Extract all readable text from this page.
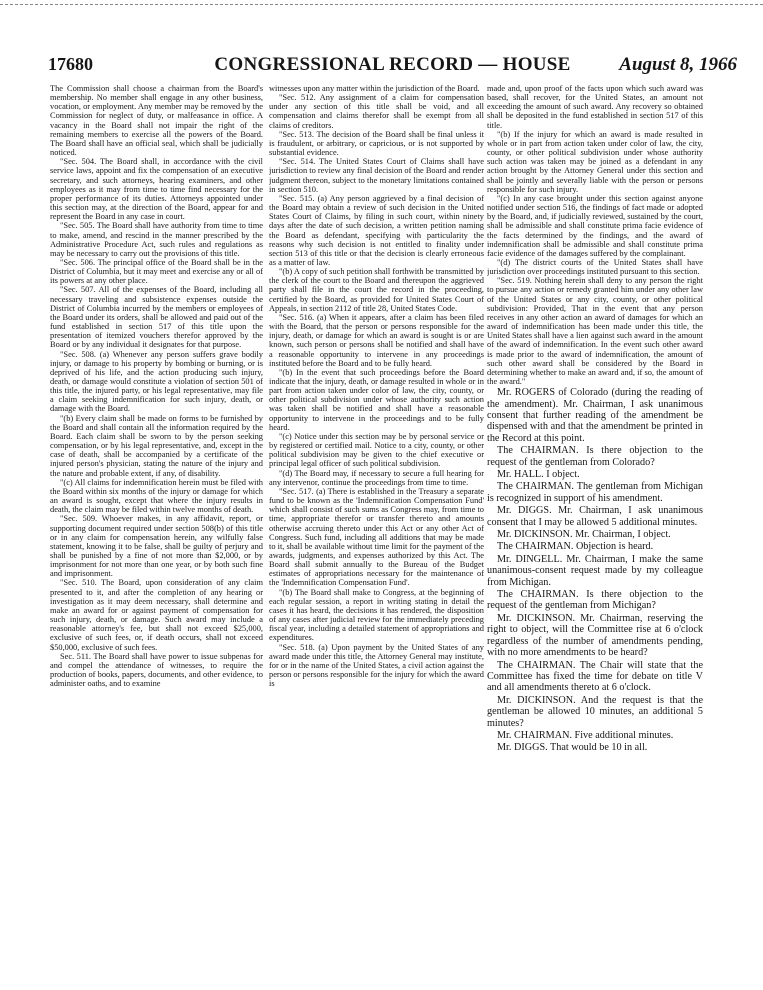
17680	CONGRESSIONAL RECORD — HOUSE	August 8, 1966

The Commission shall choose a chairman from the Board's membership. No member shall engage in any other business, vocation, or employment. Any member may be removed by the Commission for neglect of duty, or malfeasance in office. A vacancy in the Board shall not impair the right of the remaining members to exercise all the powers of the Board. The Board shall have an official seal, which shall be judicially noticed.

"Sec. 504. The Board shall, in accordance with the civil service laws, appoint and fix the compensation of an executive secretary, and such attorneys, hearing examiners, and other employees as it may from time to time find necessary for the proper performance of its duties. Attorneys appointed under this section may, at the direction of the Board, appear for and represent the Board in any case in court.

"Sec. 505. The Board shall have authority from time to time to make, amend, and rescind in the manner prescribed by the Administrative Procedure Act, such rules and regulations as may be necessary to carry out the provisions of this title.

"Sec. 506. The principal office of the Board shall be in the District of Columbia, but it may meet and exercise any or all of its powers at any other place.

"Sec. 507. All of the expenses of the Board, including all necessary traveling and subsistence expenses outside the District of Columbia incurred by the members or employees of the Board under its orders, shall be allowed and paid out of the fund established in section 517 of this title upon the presentation of itemized vouchers therefor approved by the Board or by any individual it designates for that purpose.

"Sec. 508. (a) Whenever any person suffers grave bodily injury, or damage to his property by bombing or burning, or is deprived of his life, and the action producing such injury, death, or damage would constitute a violation of section 501 of this title, the injured party, or his legal representative, may file a claim seeking indemnification for such injury, death, or damage with the Board.

"(b) Every claim shall be made on forms to be furnished by the Board and shall contain all the information required by the Board. Each claim shall be sworn to by the person seeking compensation, or by his legal representative, and, except in the case of death, shall be accompanied by a certificate of the injured person's physician, stating the nature of the injury and the nature and probable extent, if any, of disability.

"(c) All claims for indemnification herein must be filed with the Board within six months of the injury or damage for which an award is sought, except that where the injury results in death, the claim may be filed within twelve months of death.

"Sec. 509. Whoever makes, in any affidavit, report, or supporting document required under section 508(b) of this title or in any claim for compensation herein, any wilfully false statement, knowing it to be false, shall be guilty of perjury and shall be punished by a fine of not more than $2,000, or by imprisonment for not more than one year, or by both such fine and imprisonment.

"Sec. 510. The Board, upon consideration of any claim presented to it, and after the completion of any hearing or investigation as it may deem necessary, shall determine and make an award for or against payment of compensation for such injury, death, or damage. Such award may include a reasonable attorney's fee, but shall not exceed $25,000, exclusive of such fees, or, if death occurs, shall not exceed $50,000, exclusive of such fees.

Sec. 511. The Board shall have power to issue subpenas for and compel the attendance of witnesses, to require the production of books, papers, documents, and other evidence, to administer oaths, and to examine

witnesses upon any matter within the jurisdiction of the Board.

"Sec. 512. Any assignment of a claim for compensation under any section of this title shall be void, and all compensation and claims therefor shall be exempt from all claims of creditors.

"Sec. 513. The decision of the Board shall be final unless it is fraudulent, or arbitrary, or capricious, or is not supported by substantial evidence.

"Sec. 514. The United States Court of Claims shall have jurisdiction to review any final decision of the Board and render judgment thereon, subject to the monetary limitations contained in section 510.

"Sec. 515. (a) Any person aggrieved by a final decision of the Board may obtain a review of such decision in the United States Court of Claims, by filing in such court, within ninety days after the date of such decision, a written petition naming the Board as defendant, specifying with particularity the reasons why such decision is not entitled to finality under section 513 of this title or that the decision is clearly erroneous as a matter of law.

"(b) A copy of such petition shall forthwith be transmitted by the clerk of the court to the Board and thereupon the aggrieved party shall file in the court the record in the proceeding, certified by the Board, as provided for United States Court of Appeals, in section 2112 of title 28, United States Code.

"Sec. 516. (a) When it appears, after a claim has been filed with the Board, that the person or persons responsible for the injury, death, or damage for which an award is sought is or are known, such person or persons shall be notified and shall have a reasonable opportunity to intervene in any proceedings instituted before the Board and to be fully heard.

"(b) In the event that such proceedings before the Board indicate that the injury, death, or damage resulted in whole or in part from action taken under color of law, the city, county, or other political subdivision under whose authority such action was taken shall be notified and shall have a reasonable opportunity to intervene in the proceedings and to be fully heard.

"(c) Notice under this section may be by personal service or by registered or certified mail. Notice to a city, county, or other political subdivision may be given to the chief executive or principal legal officer of such political subdivision.

"(d) The Board may, if necessary to secure a full hearing for any intervenor, continue the proceedings from time to time.

"Sec. 517. (a) There is established in the Treasury a separate fund to be known as the 'Indemnification Compensation Fund' which shall consist of such sums as Congress may, from time to time, appropriate therefor or transfer thereto and amounts otherwise accruing thereto under this Act or any other Act of Congress. Such fund, including all additions that may be made to it, shall be available without time limit for the payment of the awards, judgments, and expenses authorized by this Act. The Board shall submit annually to the Bureau of the Budget estimates of appropriations necessary for the maintenance of the 'Indemnification Compensation Fund'.

"(b) The Board shall make to Congress, at the beginning of each regular session, a report in writing stating in detail the cases it has heard, the decisions it has rendered, the disposition of any cases after judicial review for the immediately preceding fiscal year, including a detailed statement of appropriations and expenditures.

"Sec. 518. (a) Upon payment by the United States of any award made under this title, the Attorney General may institute, for or in the name of the United States, a civil action against the person or persons responsible for the injury for which the award is

made and, upon proof of the facts upon which such award was based, shall recover, for the United States, an amount not exceeding the amount of such award. Any recovery so obtained shall be deposited in the fund established in section 517 of this title.

"(b) If the injury for which an award is made resulted in whole or in part from action taken under color of law, the city, county, or other political subdivision under whose authority such action was taken may be joined as a defendant in any action brought by the Attorney General under this section and shall be jointly and severally liable with the person or persons responsible for such injury.

"(c) In any case brought under this section against anyone notified under section 516, the findings of fact made or adopted by the Board, and, if judicially reviewed, sustained by the court, shall be admissible and shall constitute prima facie evidence of the facts determined by the findings, and the award of indemnification shall be admissible and shall constitute prima facie evidence of the damages suffered by the complainant.

"(d) The district courts of the United States shall have jurisdiction over proceedings instituted pursuant to this section.

"Sec. 519. Nothing herein shall deny to any person the right to pursue any action or remedy granted him under any other law of the United States or any city, county, or other political subdivision: Provided, That in the event that any person receives in any other action an award of damages for which an award of indemnification has been made under this title, the United States shall have a lien against such award in the amount of the award of indemnification. In the event such other award is made prior to the award of indemnification, the amount of such other award shall be considered by the Board in determining whether to make an award and, if so, the amount of the award."

Mr. ROGERS of Colorado (during the reading of the amendment). Mr. Chairman, I ask unanimous consent that further reading of the amendment be dispensed with and that the amendment be printed in the Record at this point.

The CHAIRMAN. Is there objection to the request of the gentleman from Colorado?

Mr. HALL. I object.

The CHAIRMAN. The gentleman from Michigan is recognized in support of his amendment.

Mr. DIGGS. Mr. Chairman, I ask unanimous consent that I may be allowed 5 additional minutes.

Mr. DICKINSON. Mr. Chairman, I object.

The CHAIRMAN. Objection is heard.

Mr. DINGELL. Mr. Chairman, I make the same unanimous-consent request made by my colleague from Michigan.

The CHAIRMAN. Is there objection to the request of the gentleman from Michigan?

Mr. DICKINSON. Mr. Chairman, reserving the right to object, will the Committee rise at 6 o'clock regardless of the number of amendments pending, with no more amendments to be heard?

The CHAIRMAN. The Chair will state that the Committee has fixed the time for debate on title V and all amendments thereto at 6 o'clock.

Mr. DICKINSON. And the request is that the gentleman be allowed 10 minutes, an additional 5 minutes?

Mr. CHAIRMAN. Five additional minutes.

Mr. DIGGS. That would be 10 in all.
